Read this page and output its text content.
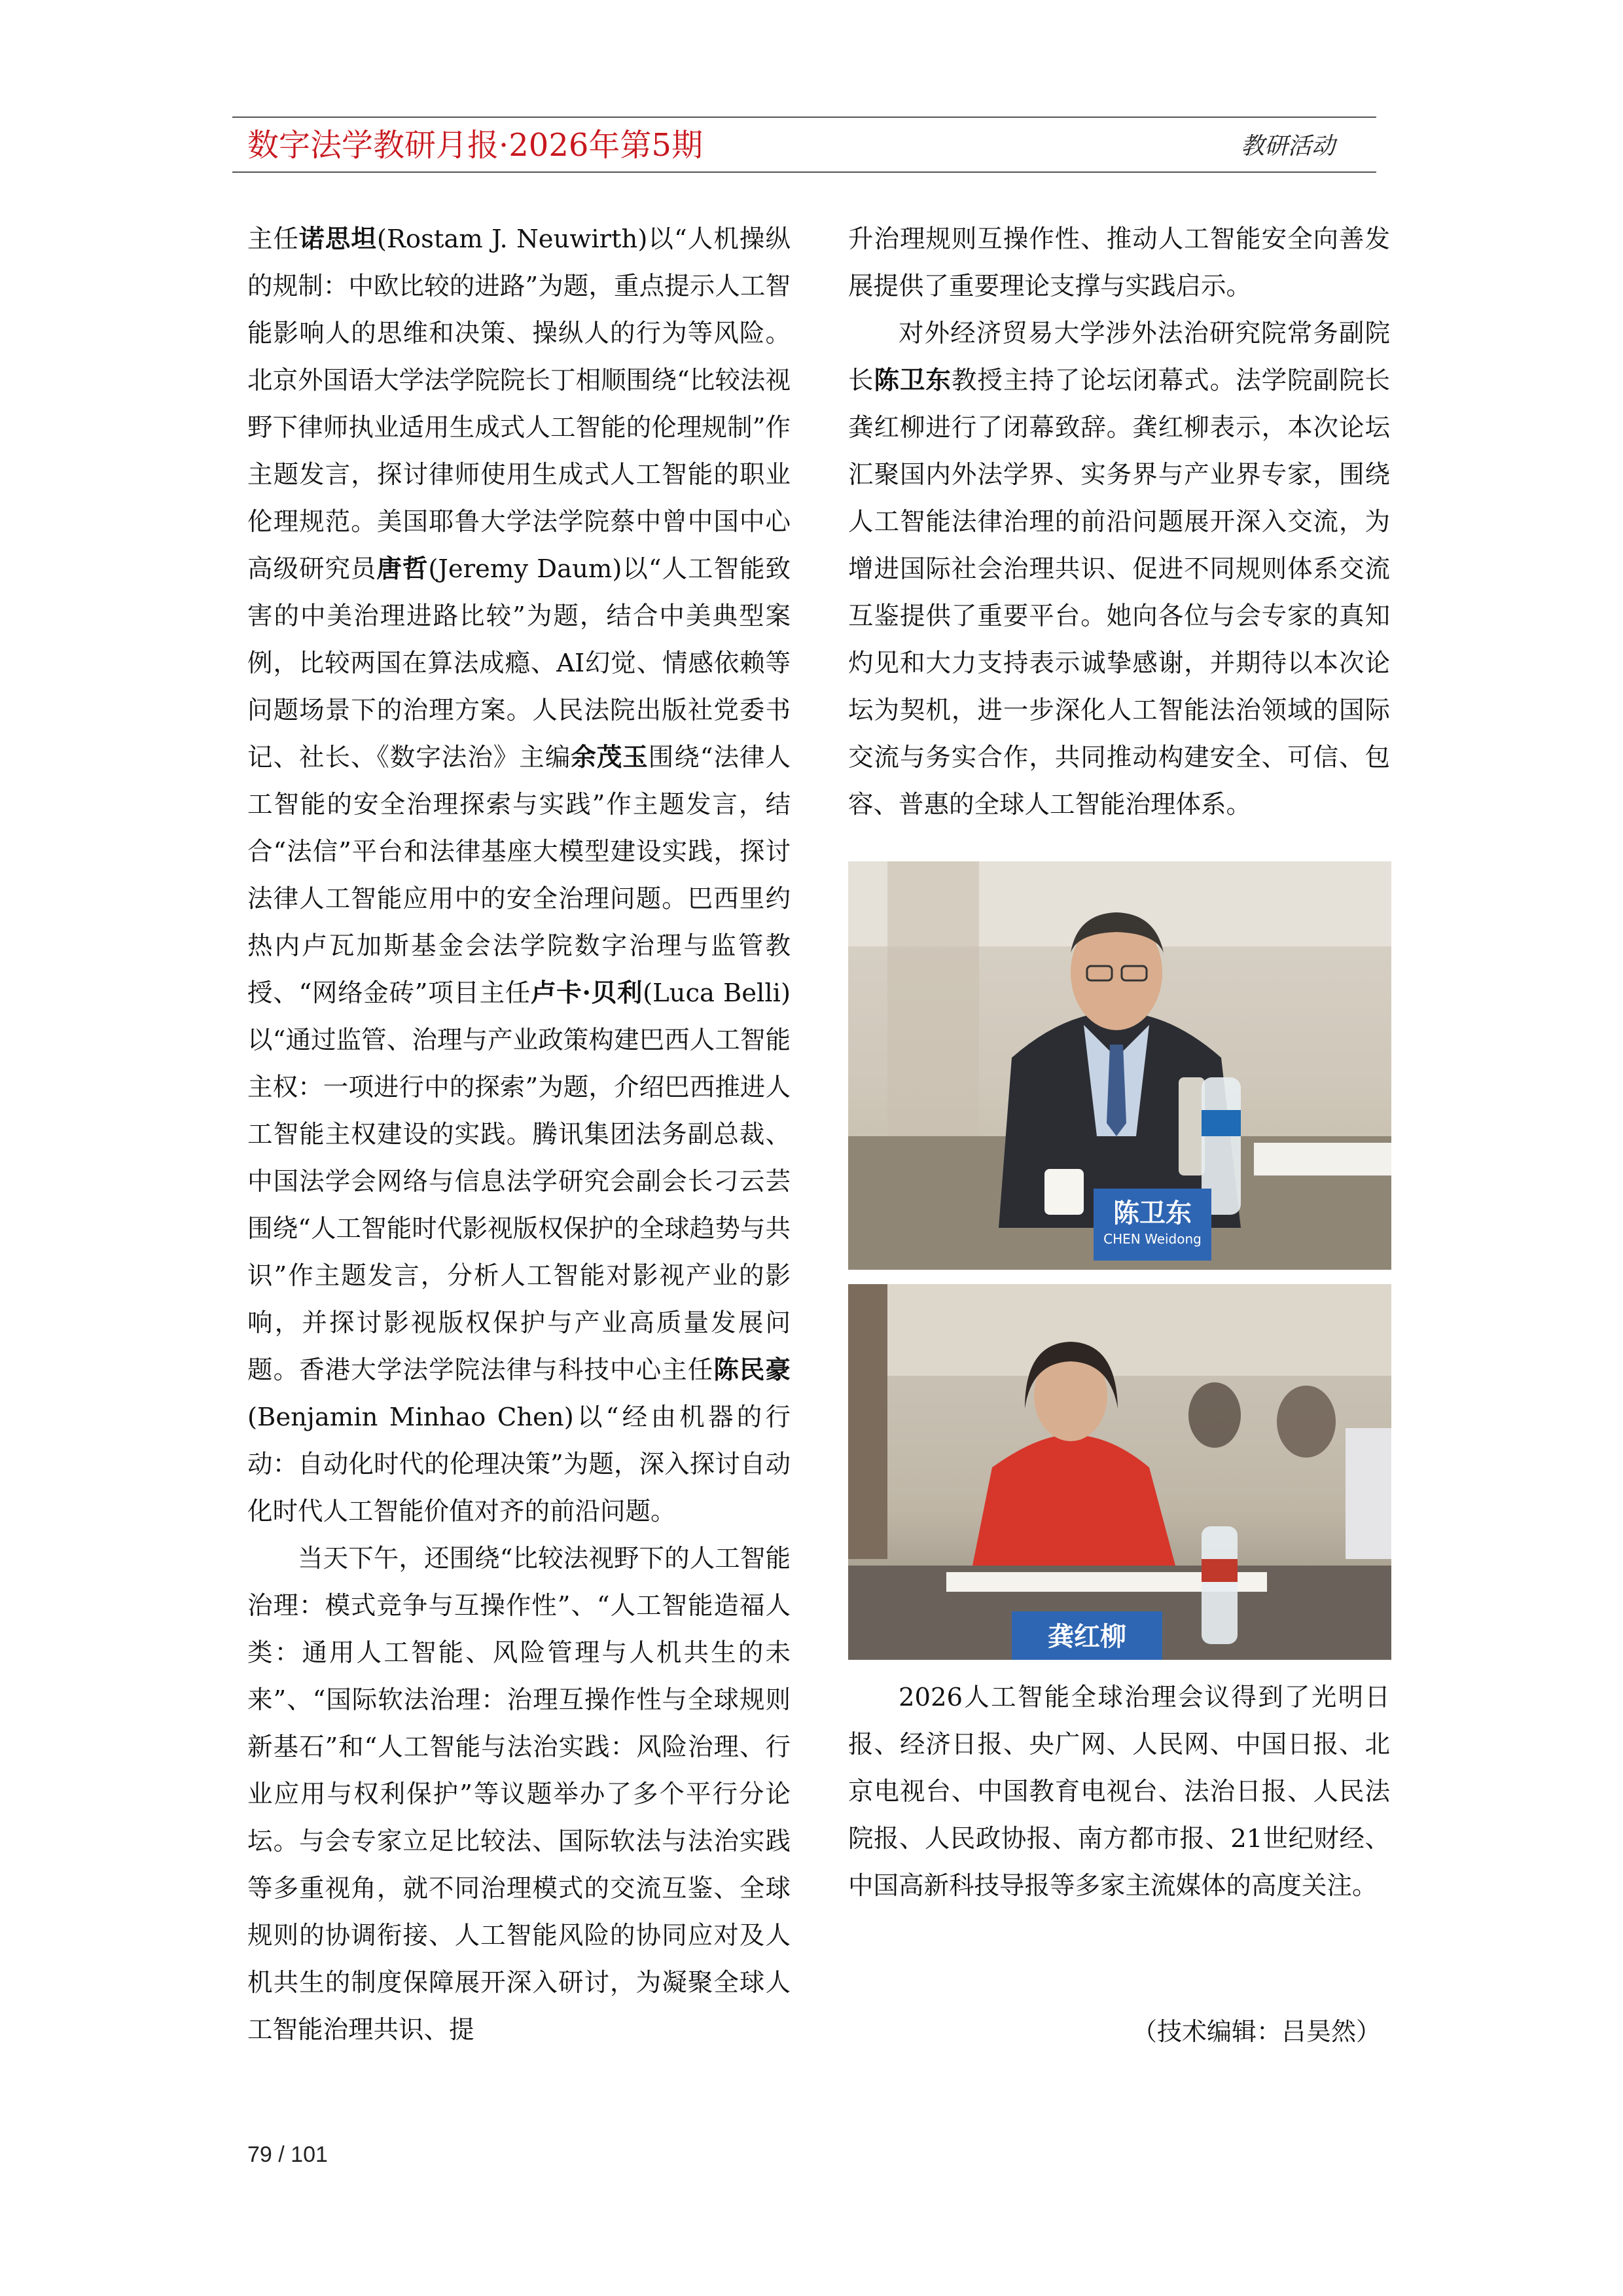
数字法学教研月报·2026年第5期	教研活动

主任诺思坦(Rostam J. Neuwirth)以“人机操纵的规制：中欧比较的进路”为题，重点提示人工智能影响人的思维和决策、操纵人的行为等风险。北京外国语大学法学院院长丁相顺围绕“比较法视野下律师执业适用生成式人工智能的伦理规制”作主题发言，探讨律师使用生成式人工智能的职业伦理规范。美国耶鲁大学法学院蔡中曾中国中心高级研究员唐哲(Jeremy Daum)以“人工智能致害的中美治理进路比较”为题，结合中美典型案例，比较两国在算法成瘾、AI幻觉、情感依赖等问题场景下的治理方案。人民法院出版社党委书记、社长、《数字法治》主编余茂玉围绕“法律人工智能的安全治理探索与实践”作主题发言，结合“法信”平台和法律基座大模型建设实践，探讨法律人工智能应用中的安全治理问题。巴西里约热内卢瓦加斯基金会法学院数字治理与监管教授、“网络金砖”项目主任卢卡·贝利(Luca Belli)以“通过监管、治理与产业政策构建巴西人工智能主权：一项进行中的探索”为题，介绍巴西推进人工智能主权建设的实践。腾讯集团法务副总裁、中国法学会网络与信息法学研究会副会长刁云芸围绕“人工智能时代影视版权保护的全球趋势与共识”作主题发言，分析人工智能对影视产业的影响，并探讨影视版权保护与产业高质量发展问题。香港大学法学院法律与科技中心主任陈民豪(Benjamin Minhao Chen)以“经由机器的行动：自动化时代的伦理决策”为题，深入探讨自动化时代人工智能价值对齐的前沿问题。

当天下午，还围绕“比较法视野下的人工智能治理：模式竞争与互操作性”、“人工智能造福人类：通用人工智能、风险管理与人机共生的未来”、“国际软法治理：治理互操作性与全球规则新基石”和“人工智能与法治实践：风险治理、行业应用与权利保护”等议题举办了多个平行分论坛。与会专家立足比较法、国际软法与法治实践等多重视角，就不同治理模式的交流互鉴、全球规则的协调衔接、人工智能风险的协同应对及人机共生的制度保障展开深入研讨，为凝聚全球人工智能治理共识、提

升治理规则互操作性、推动人工智能安全向善发展提供了重要理论支撑与实践启示。

对外经济贸易大学涉外法治研究院常务副院长陈卫东教授主持了论坛闭幕式。法学院副院长龚红柳进行了闭幕致辞。龚红柳表示，本次论坛汇聚国内外法学界、实务界与产业界专家，围绕人工智能法律治理的前沿问题展开深入交流，为增进国际社会治理共识、促进不同规则体系交流互鉴提供了重要平台。她向各位与会专家的真知灼见和大力支持表示诚挚感谢，并期待以本次论坛为契机，进一步深化人工智能法治领域的国际交流与务实合作，共同推动构建安全、可信、包容、普惠的全球人工智能治理体系。

陈卫东
CHEN Weidong
龚红柳

2026人工智能全球治理会议得到了光明日报、经济日报、央广网、人民网、中国日报、北京电视台、中国教育电视台、法治日报、人民法院报、人民政协报、南方都市报、21世纪财经、中国高新科技导报等多家主流媒体的高度关注。

（技术编辑：吕昊然）
79 / 101
